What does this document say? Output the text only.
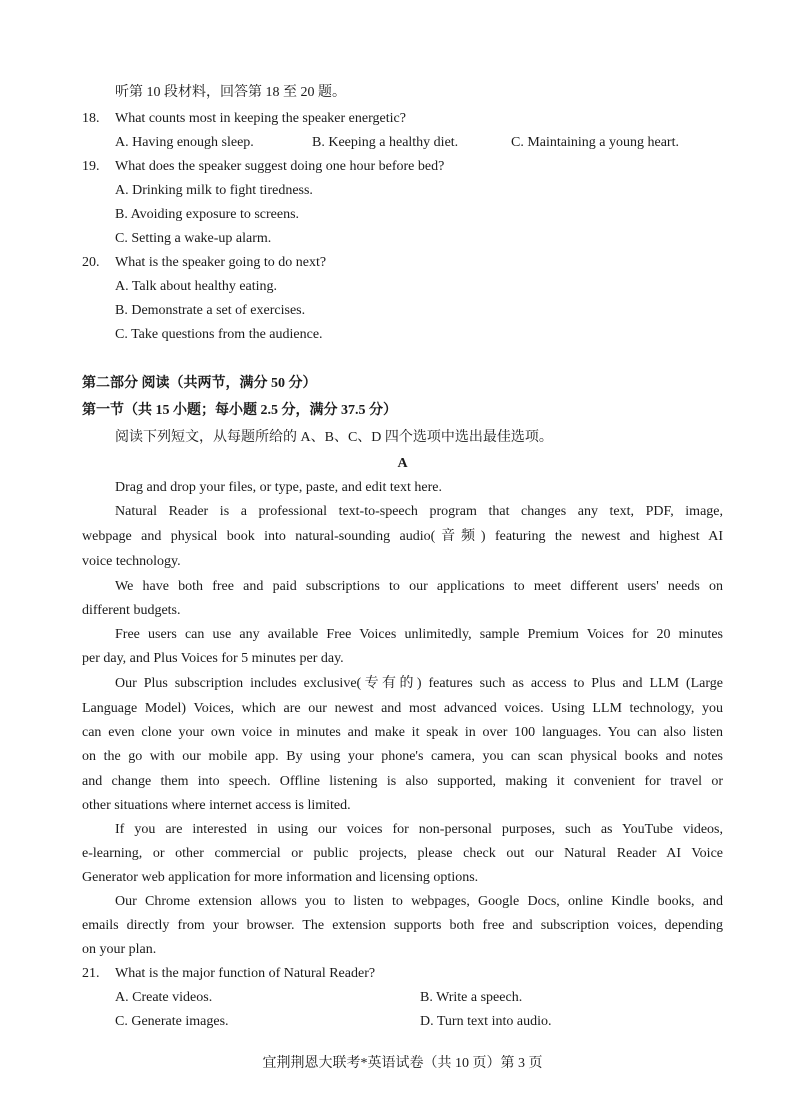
听第 10 段材料，回答第 18 至 20 题。
18. What counts most in keeping the speaker energetic?
A. Having enough sleep.	B. Keeping a healthy diet.	C. Maintaining a young heart.
19. What does the speaker suggest doing one hour before bed?
A. Drinking milk to fight tiredness.
B. Avoiding exposure to screens.
C. Setting a wake-up alarm.
20. What is the speaker going to do next?
A. Talk about healthy eating.
B. Demonstrate a set of exercises.
C. Take questions from the audience.
第二部分 阅读（共两节，满分 50 分）
第一节（共 15 小题；每小题 2.5 分，满分 37.5 分）
阅读下列短文，从每题所给的 A、B、C、D 四个选项中选出最佳选项。
A
Drag and drop your files, or type, paste, and edit text here.
Natural Reader is a professional text-to-speech program that changes any text, PDF, image,
webpage and physical book into natural-sounding audio(音频) featuring the newest and highest AI
voice technology.
We have both free and paid subscriptions to our applications to meet different users' needs on
different budgets.
Free users can use any available Free Voices unlimitedly, sample Premium Voices for 20 minutes
per day, and Plus Voices for 5 minutes per day.
Our Plus subscription includes exclusive(专有的) features such as access to Plus and LLM (Large
Language Model) Voices, which are our newest and most advanced voices. Using LLM technology, you
can even clone your own voice in minutes and make it speak in over 100 languages. You can also listen
on the go with our mobile app. By using your phone's camera, you can scan physical books and notes
and change them into speech. Offline listening is also supported, making it convenient for travel or
other situations where internet access is limited.
If you are interested in using our voices for non-personal purposes, such as YouTube videos,
e-learning, or other commercial or public projects, please check out our Natural Reader AI Voice
Generator web application for more information and licensing options.
Our Chrome extension allows you to listen to webpages, Google Docs, online Kindle books, and
emails directly from your browser. The extension supports both free and subscription voices, depending
on your plan.
21. What is the major function of Natural Reader?
A. Create videos.	B. Write a speech.
C. Generate images.	D. Turn text into audio.
宜荆荆恩大联考*英语试卷（共 10 页）第 3 页
